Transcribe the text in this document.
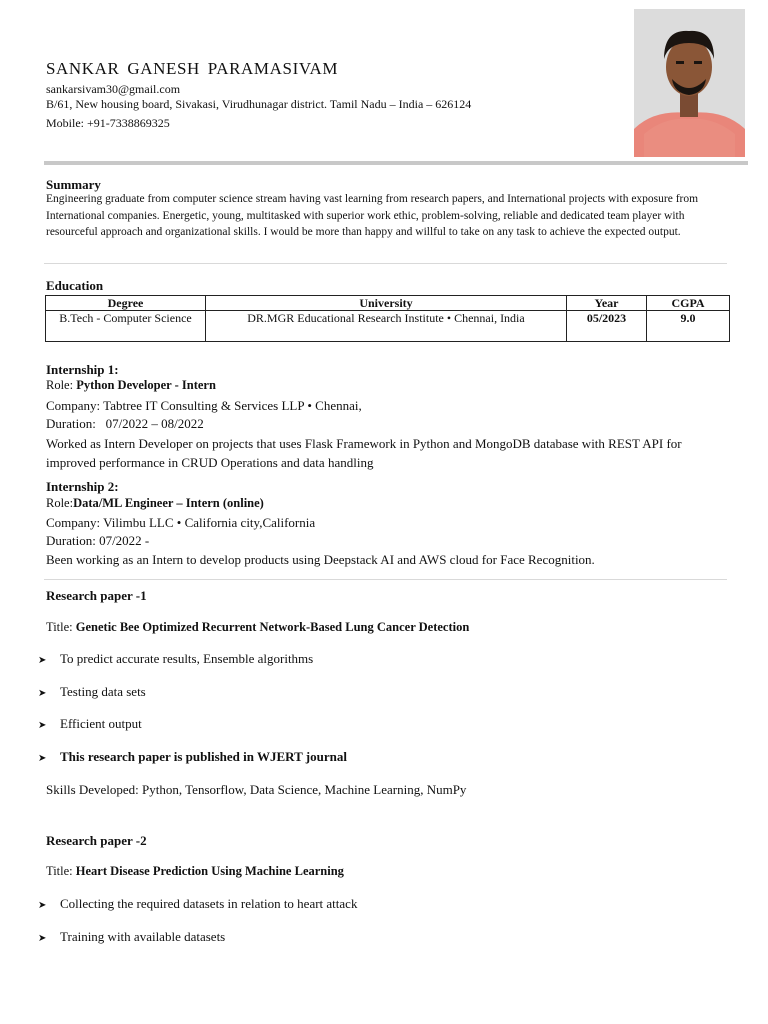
SANKAR GANESH PARAMASIVAM
sankarsivam30@gmail.com
B/61, New housing board, Sivakasi, Virudhunagar district. Tamil Nadu – India – 626124
Mobile: +91-7338869325
Summary
Engineering graduate from computer science stream having vast learning from research papers, and International projects with exposure from International companies. Energetic, young, multitasked with superior work ethic, problem-solving, reliable and dedicated team player with resourceful approach and organizational skills. I would be more than happy and willful to take on any task to achieve the expected output.
Education
Degree	University	Year	CGPA
B.Tech - Computer Science	DR.MGR Educational Research Institute • Chennai, India	05/2023	9.0
Internship 1:
Role: Python Developer - Intern
Company: Tabtree IT Consulting & Services LLP • Chennai,
Duration:   07/2022 – 08/2022
Worked as Intern Developer on projects that uses Flask Framework in Python and MongoDB database with REST API for improved performance in CRUD Operations and data handling
Internship 2:
Role:Data/ML Engineer – Intern (online)
Company: Vilimbu LLC • California city,California
Duration: 07/2022 -
Been working as an Intern to develop products using Deepstack AI and AWS cloud for Face Recognition.
Research paper -1
Title: Genetic Bee Optimized Recurrent Network-Based Lung Cancer Detection
➤ To predict accurate results, Ensemble algorithms
➤ Testing data sets
➤ Efficient output
➤ This research paper is published in WJERT journal
Skills Developed: Python, Tensorflow, Data Science, Machine Learning, NumPy
Research paper -2
Title: Heart Disease Prediction Using Machine Learning
➤ Collecting the required datasets in relation to heart attack
➤ Training with available datasets
